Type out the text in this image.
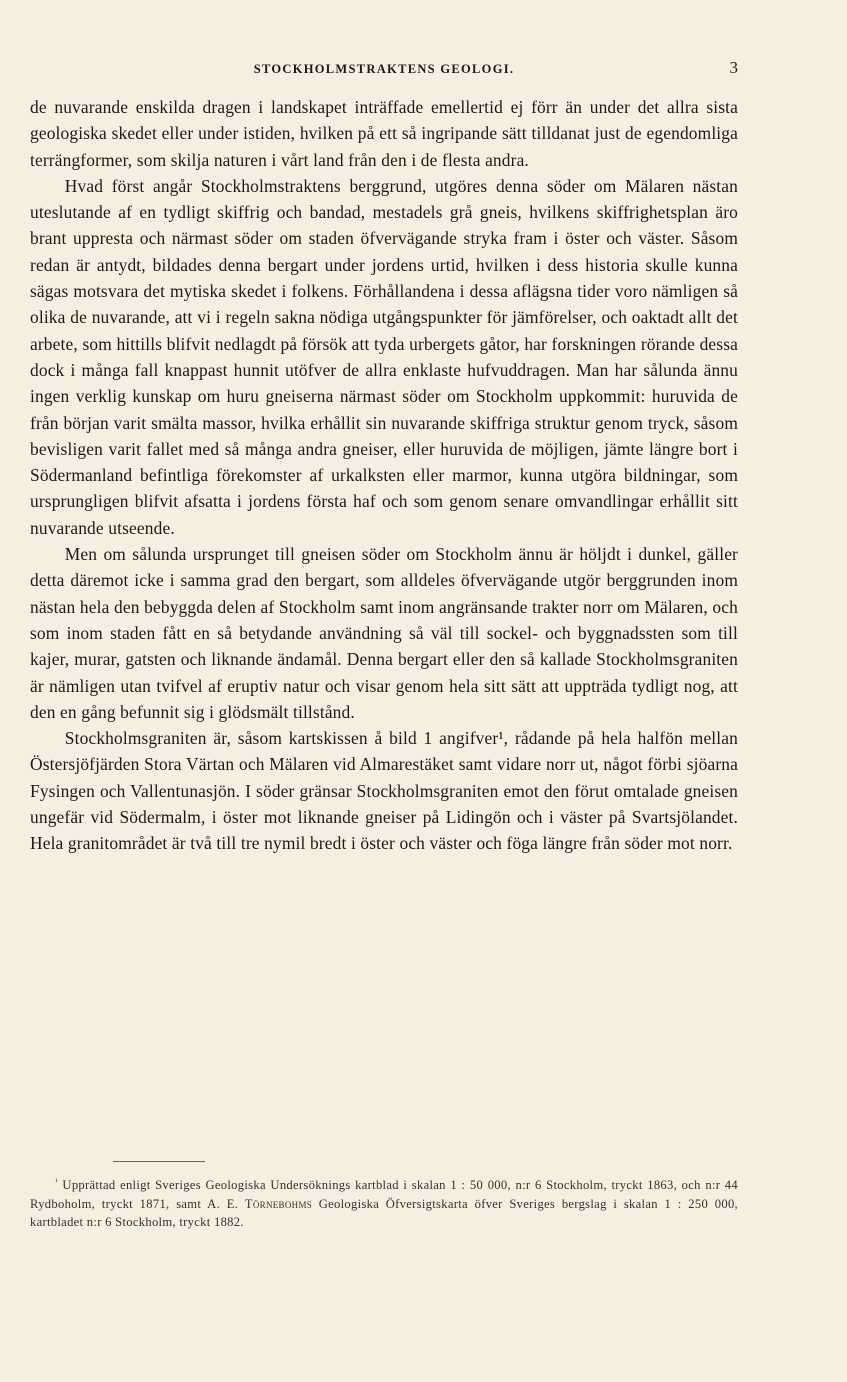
STOCKHOLMSTRAKTENS GEOLOGI.	3

de nuvarande enskilda dragen i landskapet inträffade emellertid ej förr än under det allra sista geologiska skedet eller under istiden, hvilken på ett så ingripande sätt tilldanat just de egendomliga terrängformer, som skilja naturen i vårt land från den i de flesta andra.

Hvad först angår Stockholmstraktens berggrund, utgöres denna söder om Mälaren nästan uteslutande af en tydligt skiffrig och bandad, mestadels grå gneis, hvilkens skiffrighetsplan äro brant uppresta och närmast söder om staden öfvervägande stryka fram i öster och väster. Såsom redan är antydt, bildades denna bergart under jordens urtid, hvilken i dess historia skulle kunna sägas motsvara det mytiska skedet i folkens. Förhållandena i dessa aflägsna tider voro nämligen så olika de nuvarande, att vi i regeln sakna nödiga utgångspunkter för jämförelser, och oaktadt allt det arbete, som hittills blifvit nedlagdt på försök att tyda urbergets gåtor, har forskningen rörande dessa dock i många fall knappast hunnit utöfver de allra enklaste hufvuddragen. Man har sålunda ännu ingen verklig kunskap om huru gneiserna närmast söder om Stockholm uppkommit: huruvida de från början varit smälta massor, hvilka erhållit sin nuvarande skiffriga struktur genom tryck, såsom bevisligen varit fallet med så många andra gneiser, eller huruvida de möjligen, jämte längre bort i Södermanland befintliga förekomster af urkalksten eller marmor, kunna utgöra bildningar, som ursprungligen blifvit afsatta i jordens första haf och som genom senare omvandlingar erhållit sitt nuvarande utseende.

Men om sålunda ursprunget till gneisen söder om Stockholm ännu är höljdt i dunkel, gäller detta däremot icke i samma grad den bergart, som alldeles öfvervägande utgör berggrunden inom nästan hela den bebyggda delen af Stockholm samt inom angränsande trakter norr om Mälaren, och som inom staden fått en så betydande användning så väl till sockel- och byggnadssten som till kajer, murar, gatsten och liknande ändamål. Denna bergart eller den så kallade Stockholmsgraniten är nämligen utan tvifvel af eruptiv natur och visar genom hela sitt sätt att uppträda tydligt nog, att den en gång befunnit sig i glödsmält tillstånd.

Stockholmsgraniten är, såsom kartskissen å bild 1 angifver¹, rådande på hela halfön mellan Östersjöfjärden Stora Värtan och Mälaren vid Almarestäket samt vidare norr ut, något förbi sjöarna Fysingen och Vallentunasjön. I söder gränsar Stockholmsgraniten emot den förut omtalade gneisen ungefär vid Södermalm, i öster mot liknande gneiser på Lidingön och i väster på Svartsjölandet. Hela granitområdet är två till tre nymil bredt i öster och väster och föga längre från söder mot norr.

$^{^1}$ Upprättad enligt Sveriges Geologiska Undersöknings kartblad i skalan 1 : 50 000, n:r 6 Stockholm, tryckt 1863, och n:r 44 Rydboholm, tryckt 1871, samt A. E. Törnebohms Geologiska Öfversigtskarta öfver Sveriges bergslag i skalan 1 : 250 000, kartbladet n:r 6 Stockholm, tryckt 1882.
